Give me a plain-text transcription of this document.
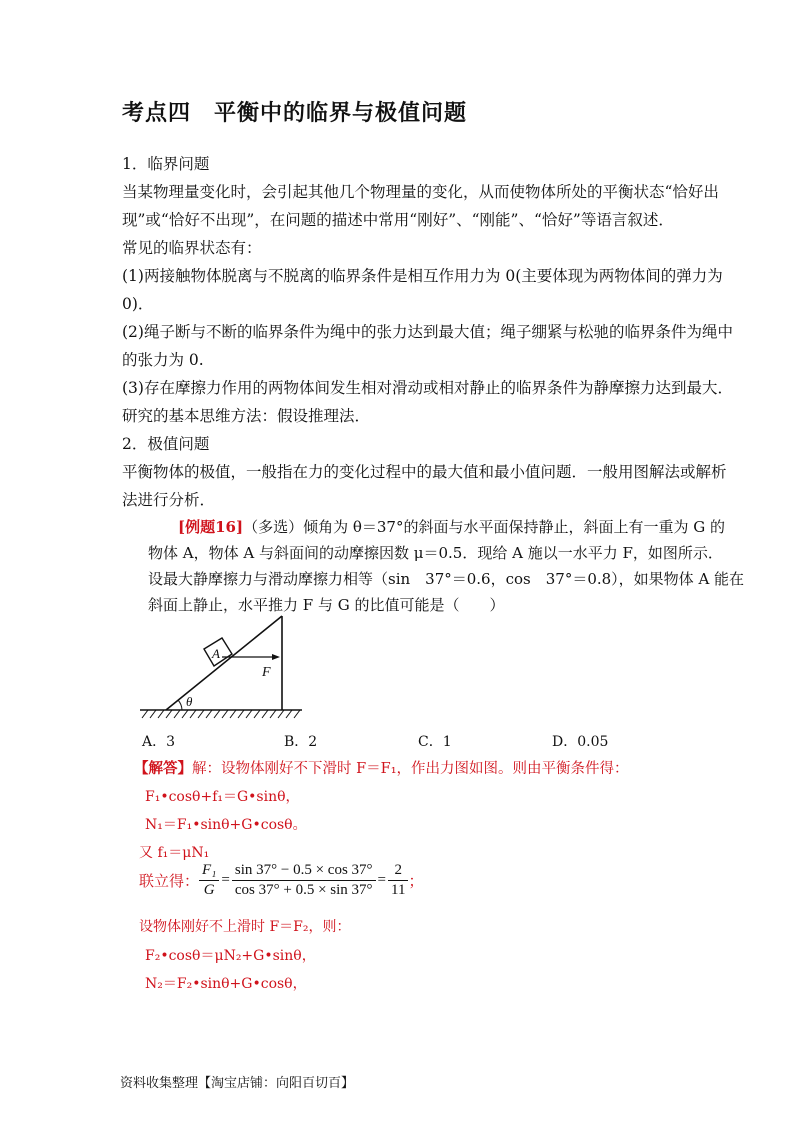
考点四　平衡中的临界与极值问题
1．临界问题
当某物理量变化时，会引起其他几个物理量的变化，从而使物体所处的平衡状态“恰好出
现”或“恰好不出现”，在问题的描述中常用“刚好”、“刚能”、“恰好”等语言叙述．
常见的临界状态有：
(1)两接触物体脱离与不脱离的临界条件是相互作用力为 0(主要体现为两物体间的弹力为
0)．
(2)绳子断与不断的临界条件为绳中的张力达到最大值；绳子绷紧与松驰的临界条件为绳中
的张力为 0.
(3)存在摩擦力作用的两物体间发生相对滑动或相对静止的临界条件为静摩擦力达到最大．
研究的基本思维方法：假设推理法．
2．极值问题
平衡物体的极值，一般指在力的变化过程中的最大值和最小值问题．一般用图解法或解析
法进行分析．
[例题16]（多选）倾角为 θ＝37°的斜面与水平面保持静止，斜面上有一重为 G 的
物体 A，物体 A 与斜面间的动摩擦因数 μ＝0.5．现给 A 施以一水平力 F，如图所示．
设最大静摩擦力与滑动摩擦力相等（sin　37°＝0.6，cos　37°＝0.8），如果物体 A 能在
斜面上静止，水平推力 F 与 G 的比值可能是（　　）
A
F
θ
A．3	B．2	C．1	D．0.05
【解答】解：设物体刚好不下滑时 F＝F₁，作出力图如图。则由平衡条件得：
F₁•cosθ+f₁＝G•sinθ，
N₁＝F₁•sinθ+G•cosθ。
又 f₁＝μN₁
联立得： $\frac{\text{F₁}}{G} = \frac{\sin 37^\circ - 0.5 \times \cos 37^\circ}{\cos 37^\circ + 0.5 \times \sin 37^\circ} = \frac{2}{11}$ ；
设物体刚好不上滑时 F＝F₂，则：
F₂•cosθ＝μN₂+G•sinθ，
N₂＝F₂•sinθ+G•cosθ，
资料收集整理【淘宝店铺：向阳百切百】
